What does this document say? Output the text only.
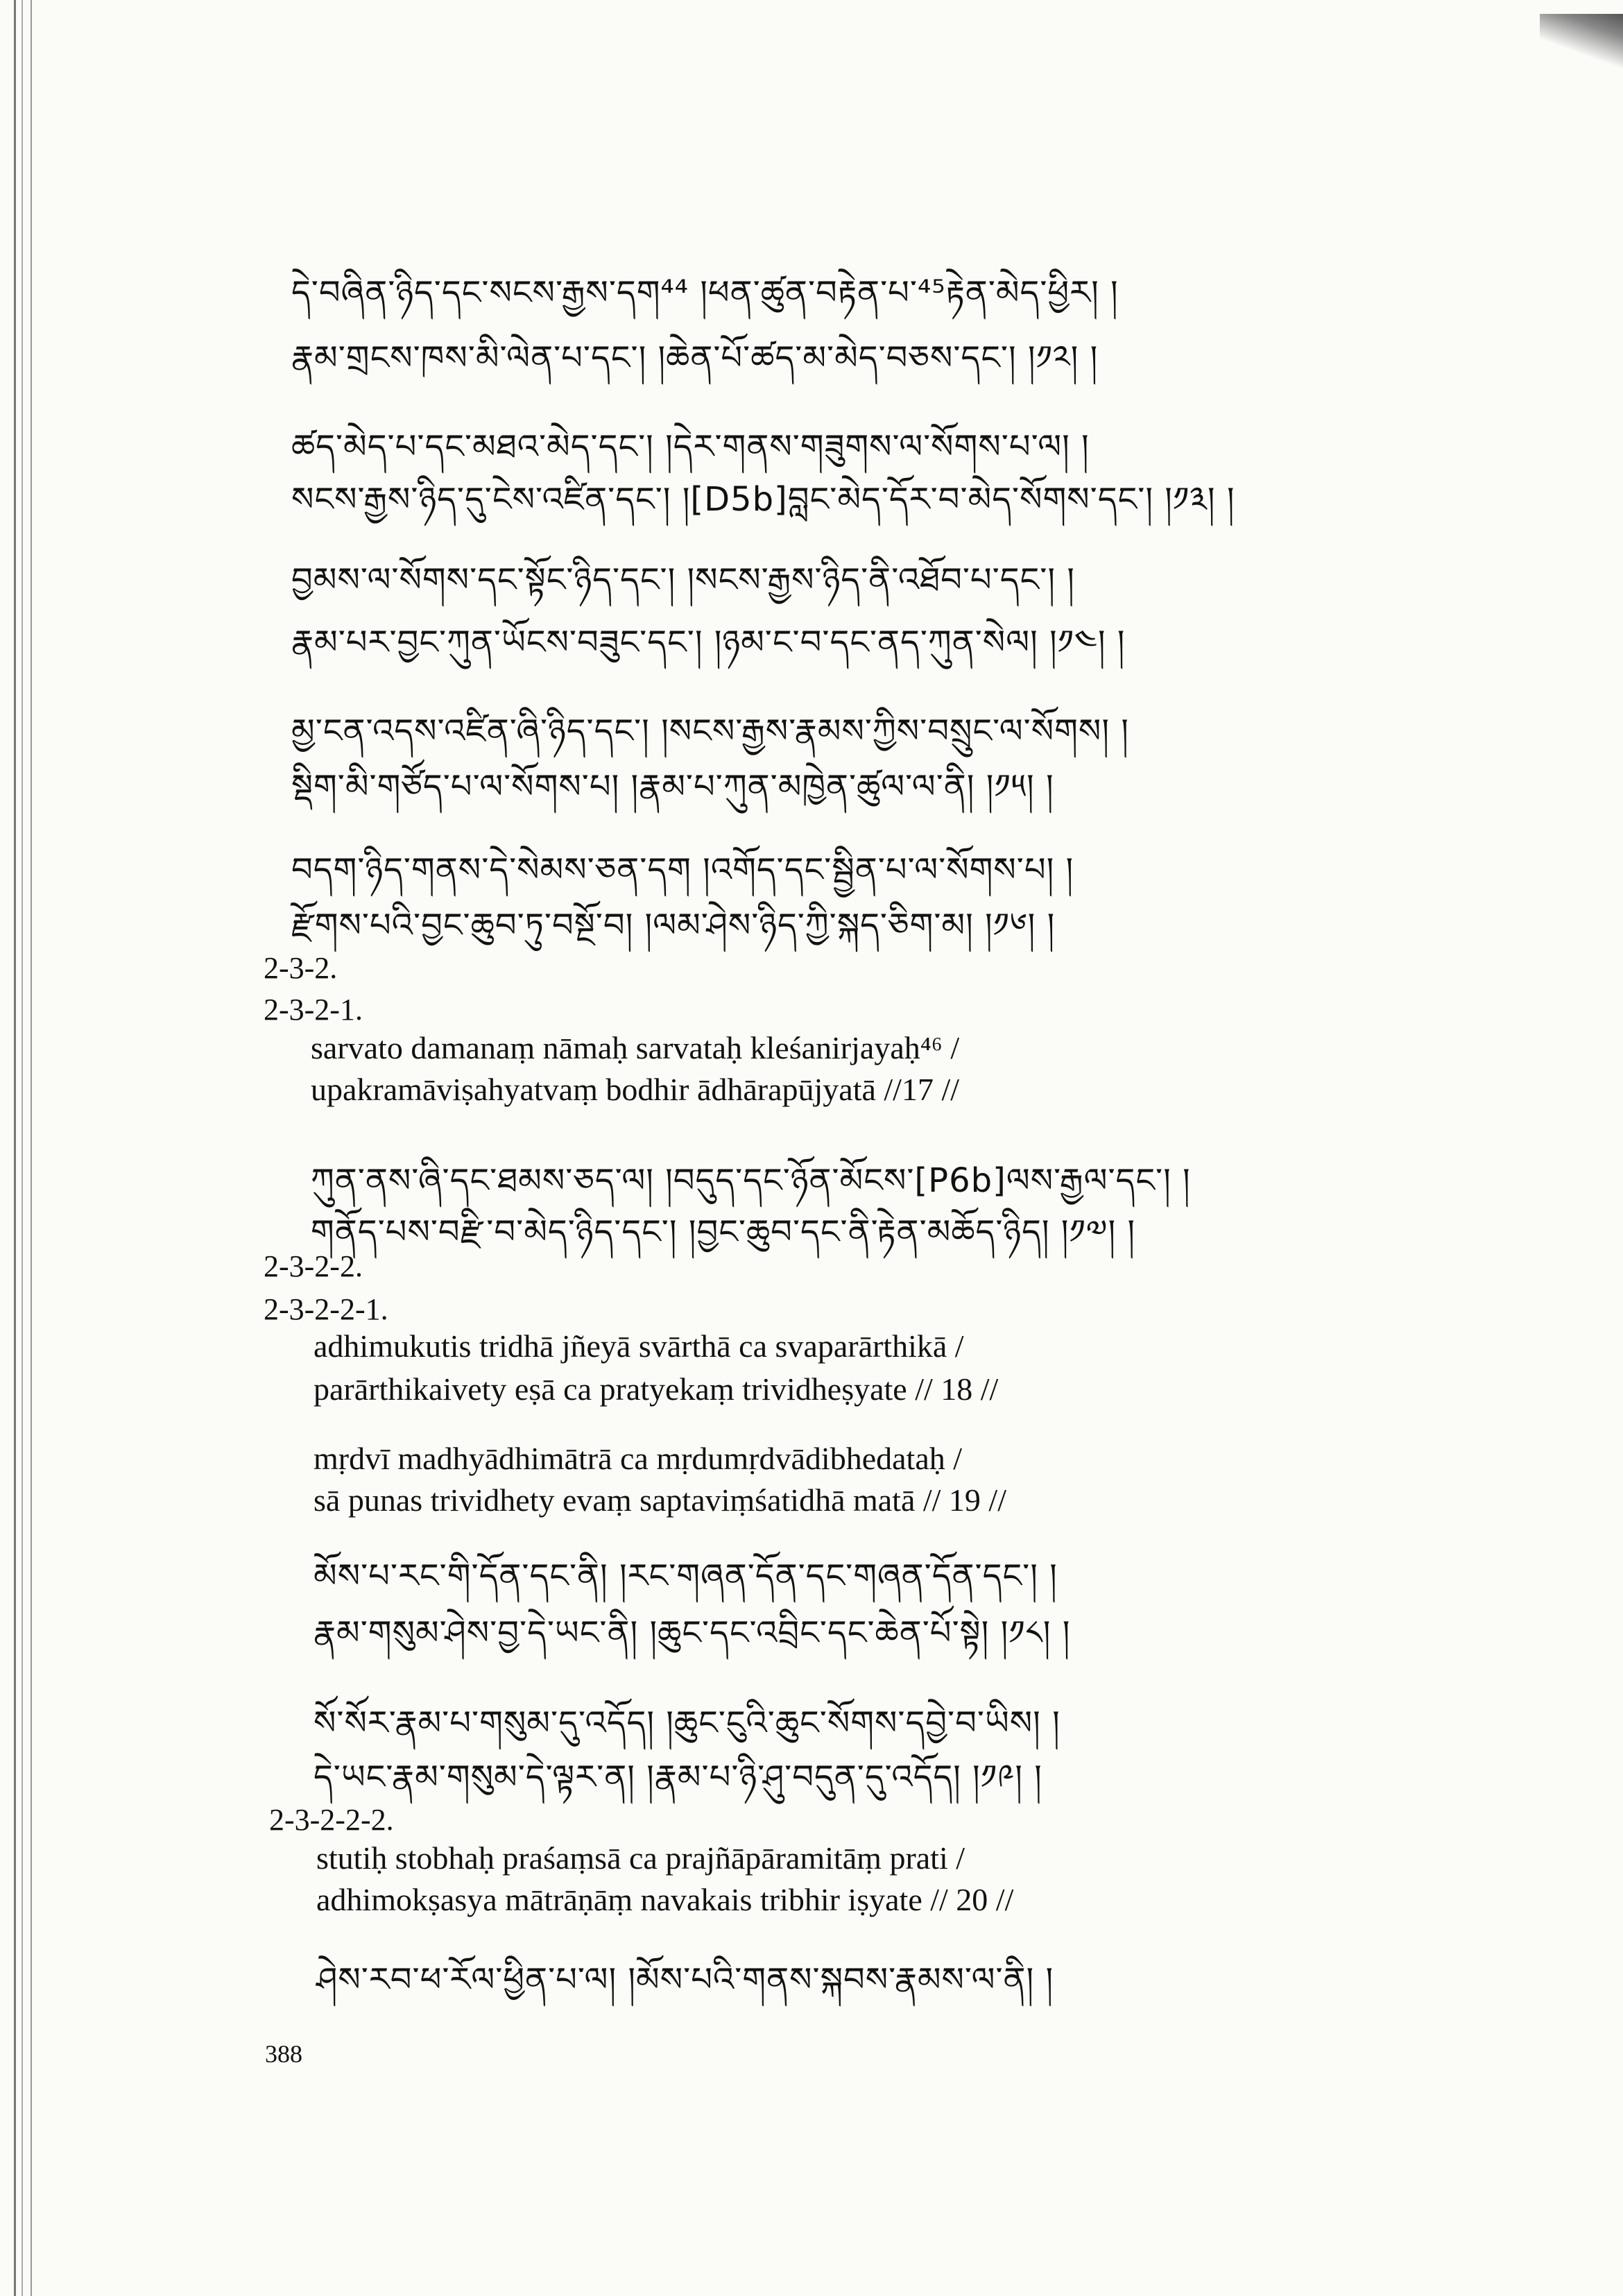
དེ་བཞིན་ཉིད་དང་སངས་རྒྱས་དག⁴⁴ །ཕན་ཚུན་བརྟེན་པ་⁴⁵རྟེན་མེད་ཕྱིར། །
རྣམ་གྲངས་ཁས་མི་ལེན་པ་དང་། །ཆེན་པོ་ཚད་མ་མེད་བཅས་དང་། །༡༢། །
ཚད་མེད་པ་དང་མཐའ་མེད་དང་། །དེར་གནས་གཟུགས་ལ་སོགས་པ་ལ། །
སངས་རྒྱས་ཉིད་དུ་ངེས་འཛིན་དང་། །[D5b]བླང་མེད་དོར་བ་མེད་སོགས་དང་། །༡༣། །
བྱམས་ལ་སོགས་དང་སྟོང་ཉིད་དང་། །སངས་རྒྱས་ཉིད་ནི་འཐོབ་པ་དང་། །
རྣམ་པར་བྱང་ཀུན་ཡོངས་བཟུང་དང་། །ཉམ་ང་བ་དང་ནད་ཀུན་སེལ། །༡༤། །
མྱ་ངན་འདས་འཛིན་ཞི་ཉིད་དང་། །སངས་རྒྱས་རྣམས་ཀྱིས་བསྲུང་ལ་སོགས། །
སྡིག་མི་གཙོད་པ་ལ་སོགས་པ། །རྣམ་པ་ཀུན་མཁྱེན་ཚུལ་ལ་ནི། །༡༥། །
བདག་ཉིད་གནས་དེ་སེམས་ཅན་དག །འགོད་དང་སྦྱིན་པ་ལ་སོགས་པ། །
རྫོགས་པའི་བྱང་ཆུབ་ཏུ་བསྔོ་བ། །ལམ་ཤེས་ཉིད་ཀྱི་སྐད་ཅིག་མ། །༡༦། །
2-3-2.
2-3-2-1.
sarvato damanaṃ nāmaḥ sarvataḥ kleśanirjayaḥ⁴⁶ /
upakramāviṣahyatvaṃ bodhir ādhārapūjyatā //17 //
ཀུན་ནས་ཞི་དང་ཐམས་ཅད་ལ། །བདུད་དང་ཉོན་མོངས་[P6b]ལས་རྒྱལ་དང་། །
གནོད་པས་བརྫི་བ་མེད་ཉིད་དང་། །བྱང་ཆུབ་དང་ནི་རྟེན་མཆོད་ཉིད། །༡༧། །
2-3-2-2.
2-3-2-2-1.
adhimukutis tridhā jñeyā svārthā ca svaparārthikā /
parārthikaivety eṣā ca pratyekaṃ trividheṣyate // 18 //
mṛdvī madhyādhimātrā ca mṛdumṛdvādibhedataḥ /
sā punas trividhety evaṃ saptaviṃśatidhā matā // 19 //
མོས་པ་རང་གི་དོན་དང་ནི། །རང་གཞན་དོན་དང་གཞན་དོན་དང་། །
རྣམ་གསུམ་ཤེས་བྱ་དེ་ཡང་ནི། །ཆུང་དང་འབྲིང་དང་ཆེན་པོ་སྟེ། །༡༨། །
སོ་སོར་རྣམ་པ་གསུམ་དུ་འདོད། །ཆུང་ངུའི་ཆུང་སོགས་དབྱེ་བ་ཡིས། །
དེ་ཡང་རྣམ་གསུམ་དེ་ལྟར་ན། །རྣམ་པ་ཉི་ཤུ་བདུན་དུ་འདོད། །༡༩། །
2-3-2-2-2.
stutiḥ stobhaḥ praśaṃsā ca prajñāpāramitāṃ prati /
adhimokṣasya mātrāṇāṃ navakais tribhir iṣyate // 20 //
ཤེས་རབ་ཕ་རོལ་ཕྱིན་པ་ལ། །མོས་པའི་གནས་སྐབས་རྣམས་ལ་ནི། །
388
